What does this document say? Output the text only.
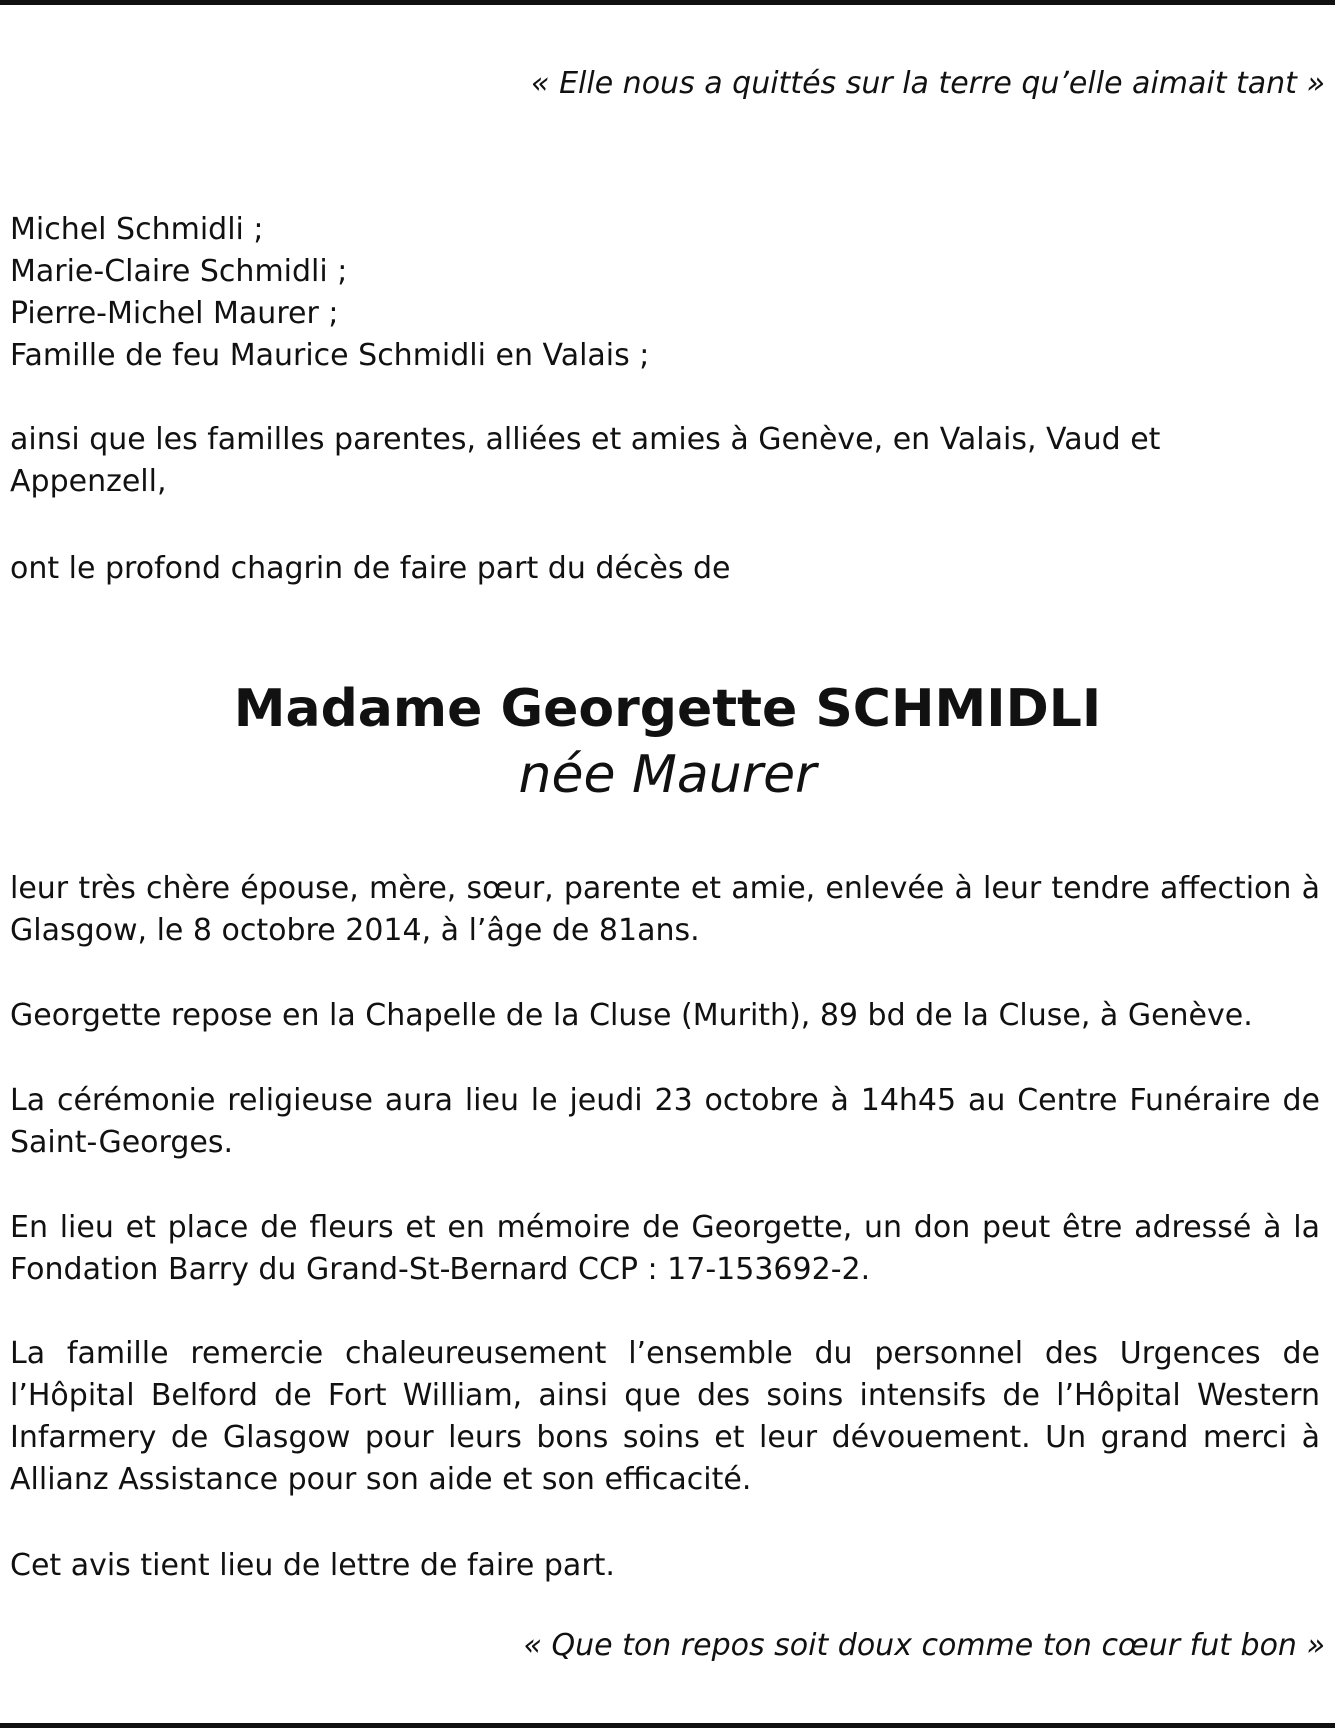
« Elle nous a quittés sur la terre qu’elle aimait tant »
Michel Schmidli ;
Marie-Claire Schmidli ;
Pierre-Michel Maurer ;
Famille de feu Maurice Schmidli en Valais ;
ainsi que les familles parentes, alliées et amies à Genève, en Valais, Vaud et Appenzell,
ont le profond chagrin de faire part du décès de
Madame Georgette SCHMIDLI
née Maurer
leur très chère épouse, mère, sœur, parente et amie, enlevée à leur tendre affection à Glasgow, le 8 octobre 2014, à l’âge de 81ans.
Georgette repose en la Chapelle de la Cluse (Murith), 89 bd de la Cluse, à Genève.
La cérémonie religieuse aura lieu le jeudi 23 octobre à 14h45 au Centre Funéraire de Saint-Georges.
En lieu et place de fleurs et en mémoire de Georgette, un don peut être adressé à la Fondation Barry du Grand-St-Bernard CCP : 17-153692-2.
La famille remercie chaleureusement l’ensemble du personnel des Urgences de l’Hôpital Belford de Fort William, ainsi que des soins intensifs de l’Hôpital Western Infarmery de Glasgow pour leurs bons soins et leur dévouement. Un grand merci à Allianz Assistance pour son aide et son efficacité.
Cet avis tient lieu de lettre de faire part.
« Que ton repos soit doux comme ton cœur fut bon »
